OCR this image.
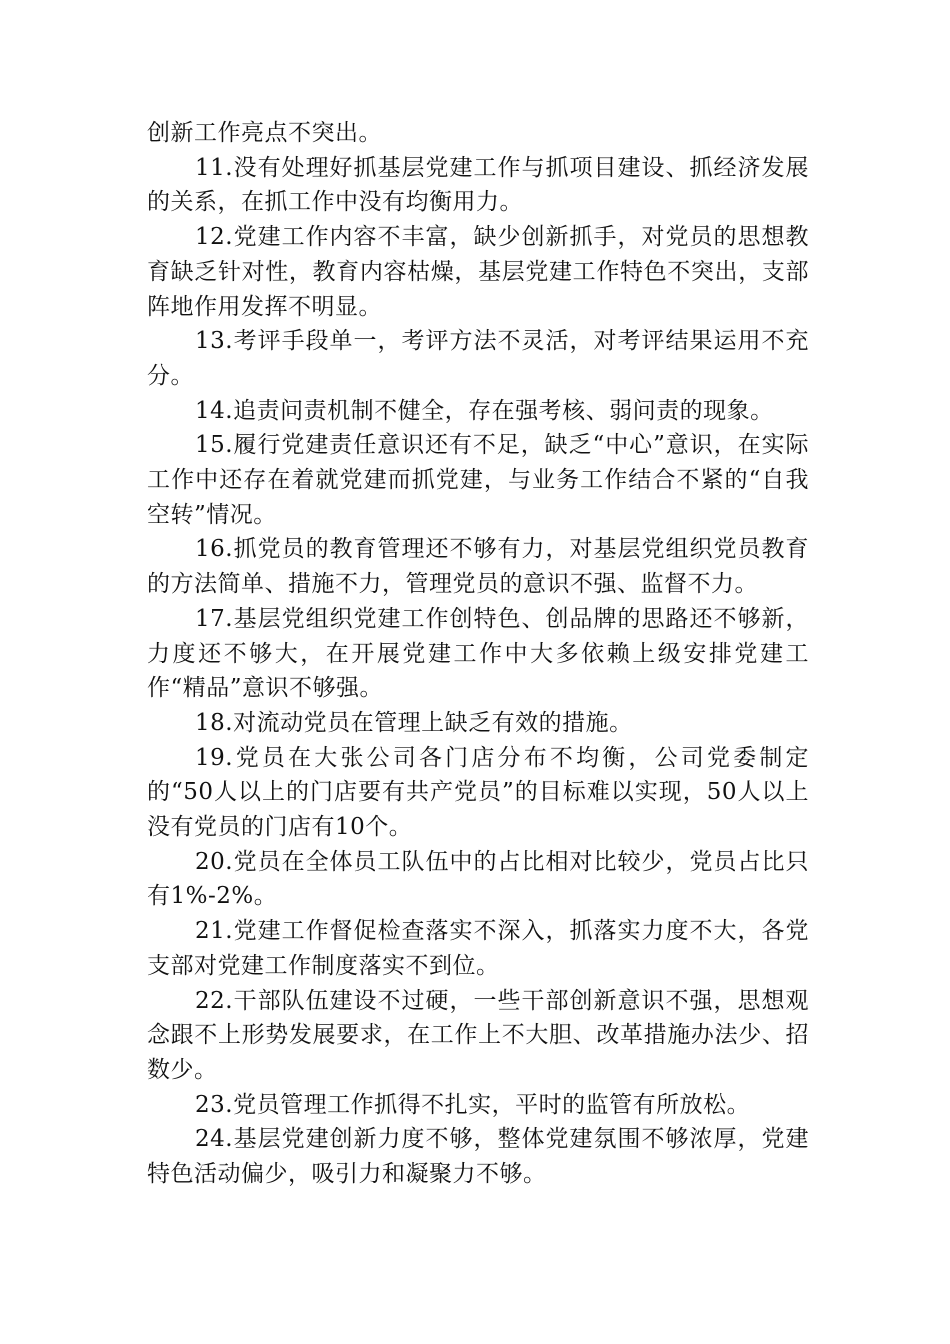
创新工作亮点不突出。

11.没有处理好抓基层党建工作与抓项目建设、抓经济发展的关系，在抓工作中没有均衡用力。

12.党建工作内容不丰富，缺少创新抓手，对党员的思想教育缺乏针对性，教育内容枯燥，基层党建工作特色不突出，支部阵地作用发挥不明显。

13.考评手段单一，考评方法不灵活，对考评结果运用不充分。

14.追责问责机制不健全，存在强考核、弱问责的现象。

15.履行党建责任意识还有不足，缺乏“中心”意识，在实际工作中还存在着就党建而抓党建，与业务工作结合不紧的“自我空转”情况。

16.抓党员的教育管理还不够有力，对基层党组织党员教育的方法简单、措施不力，管理党员的意识不强、监督不力。

17.基层党组织党建工作创特色、创品牌的思路还不够新，力度还不够大，在开展党建工作中大多依赖上级安排党建工作“精品”意识不够强。

18.对流动党员在管理上缺乏有效的措施。

19.党员在大张公司各门店分布不均衡，公司党委制定的“50人以上的门店要有共产党员”的目标难以实现，50人以上没有党员的门店有10个。

20.党员在全体员工队伍中的占比相对比较少，党员占比只有1%-2%。

21.党建工作督促检查落实不深入，抓落实力度不大，各党支部对党建工作制度落实不到位。

22.干部队伍建设不过硬，一些干部创新意识不强，思想观念跟不上形势发展要求，在工作上不大胆、改革措施办法少、招数少。

23.党员管理工作抓得不扎实，平时的监管有所放松。

24.基层党建创新力度不够，整体党建氛围不够浓厚，党建特色活动偏少，吸引力和凝聚力不够。
